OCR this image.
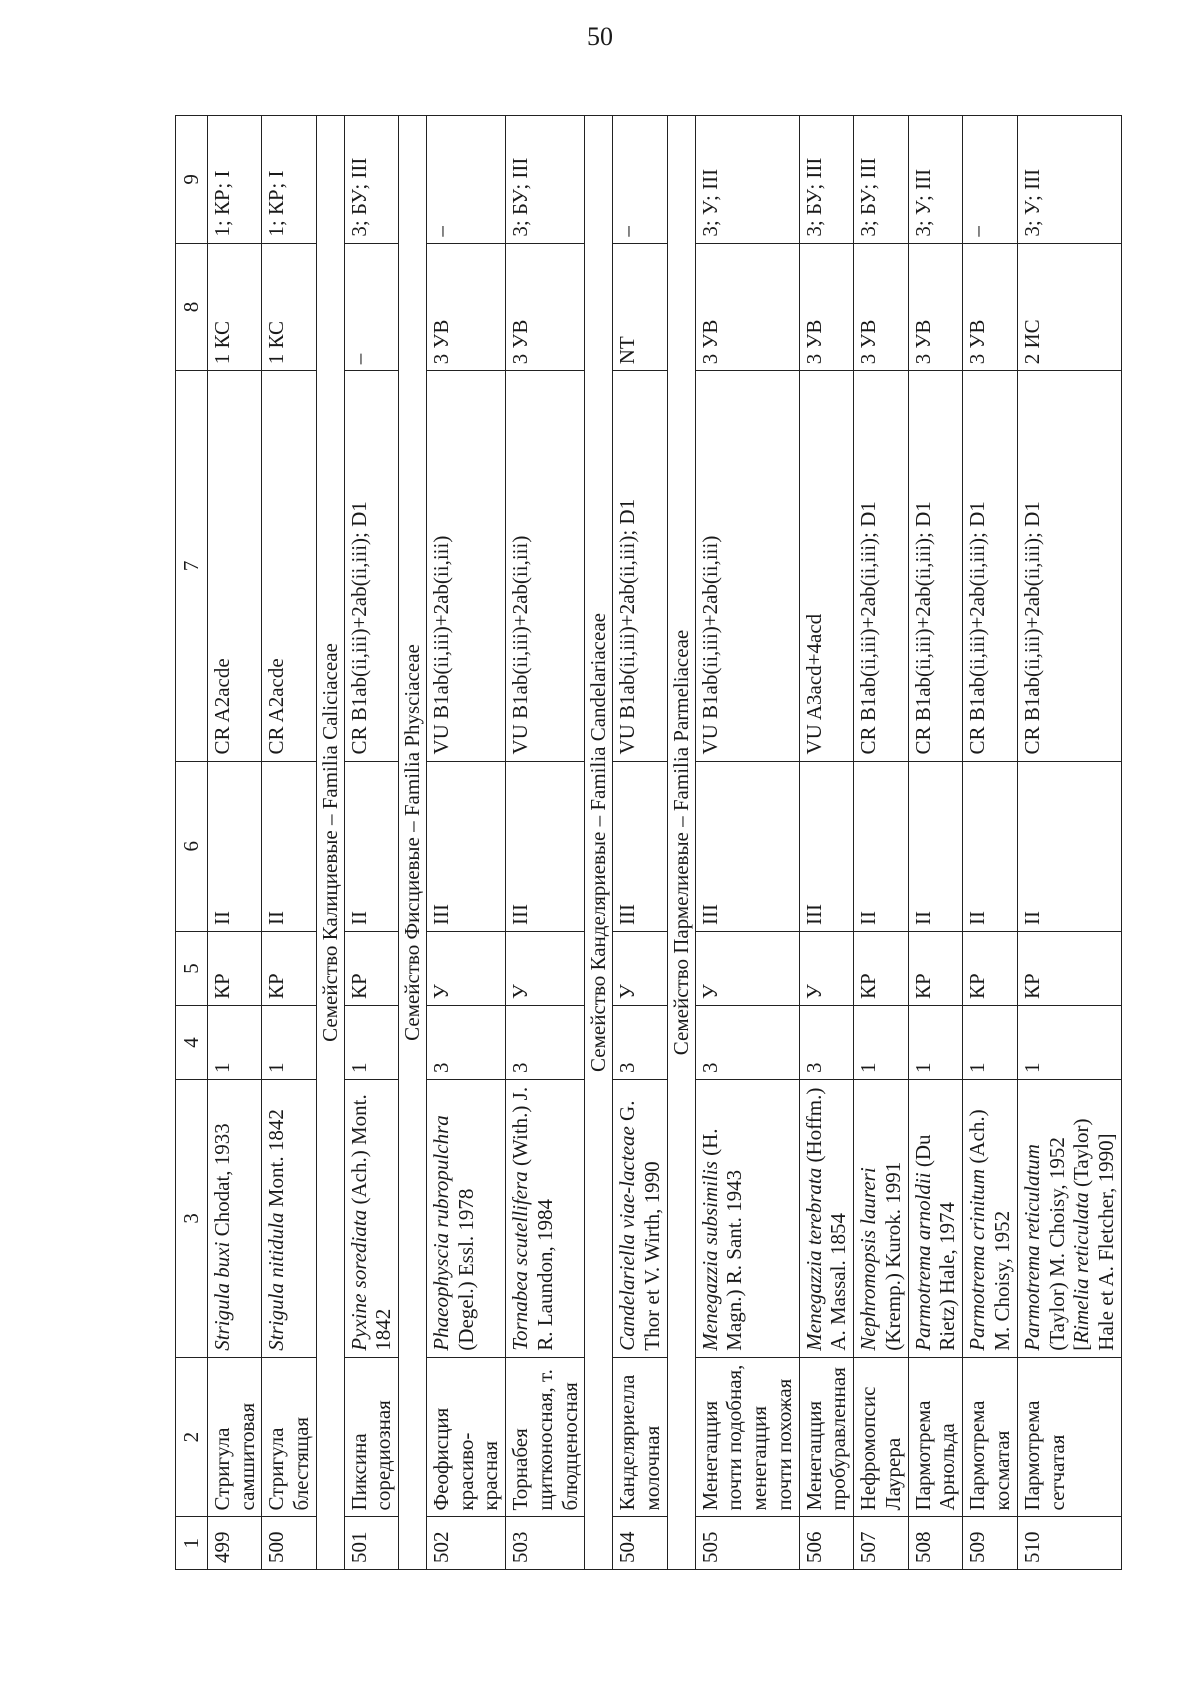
50
1	2	3	4	5	6	7	8	9
499	Стригула самшитовая	Strigula buxi Chodat, 1933	1	КР	II	CR A2acde	1 КС	1; КР; I
500	Стригула блестящая	Strigula nitidula Mont. 1842	1	КР	II	CR A2acde	1 КС	1; КР; I
Семейство Калициевые – Familia Caliciaceae								
501	Пиксина соредиозная	Pyxine sorediata (Ach.) Mont. 1842	1	КР	II	CR B1ab(ii,iii)+2ab(ii,iii); D1	–	3; БУ; III
Семейство Фисциевые – Familia Physciaceae								
502	Феофисция красиво-красная	Phaeophyscia rubropulchra (Degel.) Essl. 1978	3	У	III	VU B1ab(ii,iii)+2ab(ii,iii)	3 УВ	–
503	Торнабея щитконосная, т. блюдценосная	Tornabea scutellifera (With.) J. R. Laundon, 1984	3	У	III	VU B1ab(ii,iii)+2ab(ii,iii)	3 УВ	3; БУ; III
Семейство Канделяриевые – Familia Candelariaceae								
504	Канделяриелла молочная	Candelariella viae-lacteae G. Thor et V. Wirth, 1990	3	У	III	VU B1ab(ii,iii)+2ab(ii,iii); D1	NT	–
Семейство Пармелиевые – Familia Parmeliaceae								
505	Менегацция почти подобная, менегацция почти похожая	Menegazzia subsimilis (H. Magn.) R. Sant. 1943	3	У	III	VU B1ab(ii,iii)+2ab(ii,iii)	3 УВ	3; У; III
506	Менегацция пробуравленная	Menegazzia terebrata (Hoffm.) A. Massal. 1854	3	У	III	VU A3acd+4acd	3 УВ	3; БУ; III
507	Нефромопсис Лаурера	Nephromopsis laureri (Kremp.) Kurok. 1991	1	КР	II	CR B1ab(ii,iii)+2ab(ii,iii); D1	3 УВ	3; БУ; III
508	Пармотрема Арнольда	Parmotrema arnoldii (Du Rietz) Hale, 1974	1	КР	II	CR B1ab(ii,iii)+2ab(ii,iii); D1	3 УВ	3; У; III
509	Пармотрема косматая	Parmotrema crinitum (Ach.) M. Choisy, 1952	1	КР	II	CR B1ab(ii,iii)+2ab(ii,iii); D1	3 УВ	–
510	Пармотрема сетчатая	Parmotrema reticulatum (Taylor) M. Choisy, 1952 [Rimelia reticulata (Taylor) Hale et A. Fletcher, 1990]	1	КР	II	CR B1ab(ii,iii)+2ab(ii,iii); D1	2 ИС	3; У; III
